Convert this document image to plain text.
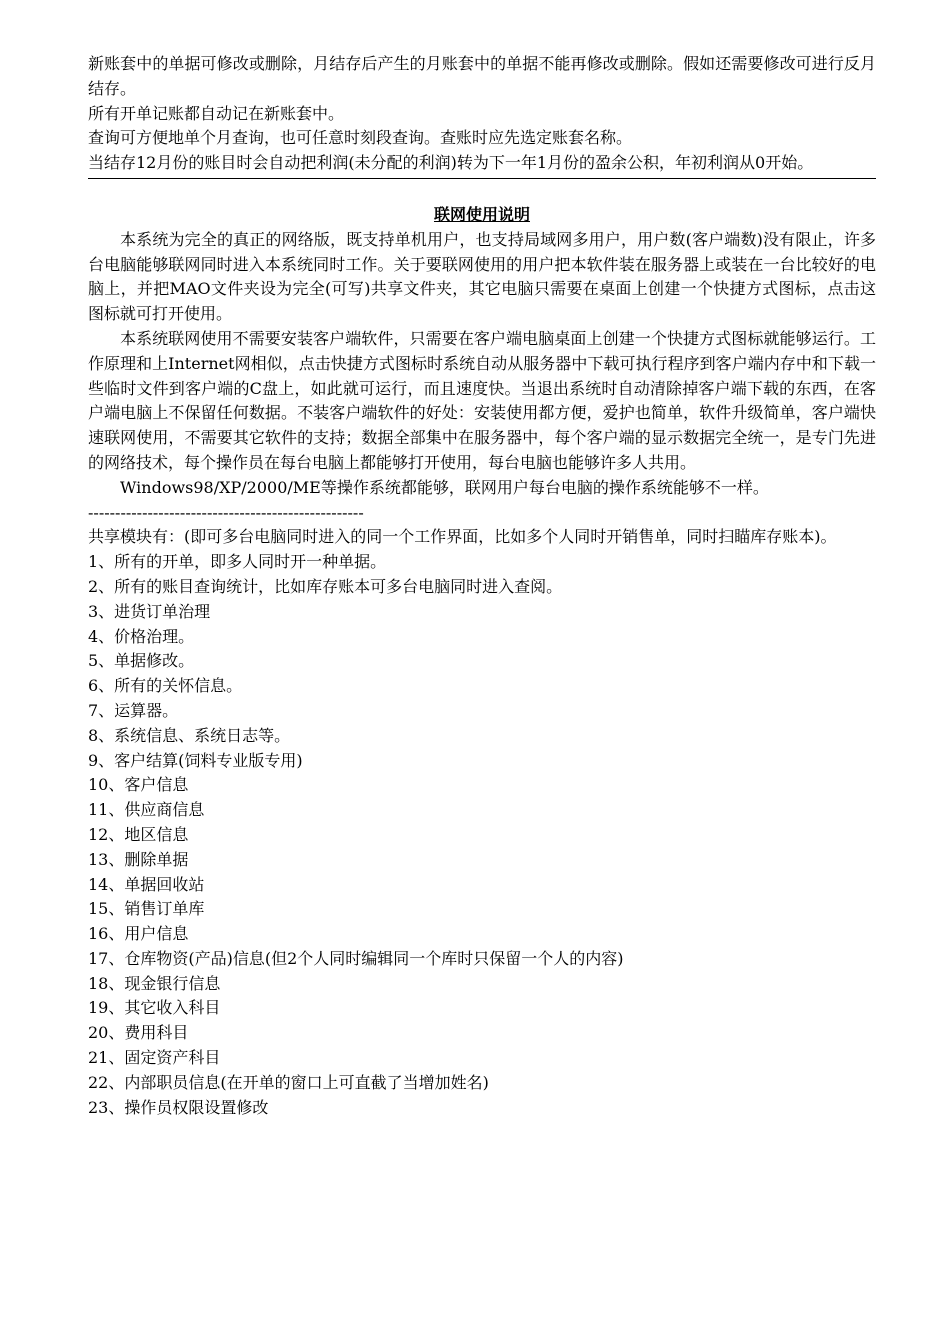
新账套中的单据可修改或删除，月结存后产生的月账套中的单据不能再修改或删除。假如还需要修改可进行反月结存。

所有开单记账都自动记在新账套中。

查询可方便地单个月查询，也可任意时刻段查询。查账时应先选定账套名称。

当结存12月份的账目时会自动把利润(未分配的利润)转为下一年1月份的盈余公积，年初利润从0开始。

联网使用说明

本系统为完全的真正的网络版，既支持单机用户，也支持局域网多用户，用户数(客户端数)没有限止，许多台电脑能够联网同时进入本系统同时工作。关于要联网使用的用户把本软件装在服务器上或装在一台比较好的电脑上，并把MAO文件夹设为完全(可写)共享文件夹，其它电脑只需要在桌面上创建一个快捷方式图标，点击这图标就可打开使用。

本系统联网使用不需要安装客户端软件，只需要在客户端电脑桌面上创建一个快捷方式图标就能够运行。工作原理和上Internet网相似，点击快捷方式图标时系统自动从服务器中下载可执行程序到客户端内存中和下载一些临时文件到客户端的C盘上，如此就可运行，而且速度快。当退出系统时自动清除掉客户端下载的东西，在客户端电脑上不保留任何数据。不装客户端软件的好处：安装使用都方便，爱护也简单，软件升级简单，客户端快速联网使用，不需要其它软件的支持；数据全部集中在服务器中，每个客户端的显示数据完全统一，是专门先进的网络技术，每个操作员在每台电脑上都能够打开使用，每台电脑也能够许多人共用。

Windows98/XP/2000/ME等操作系统都能够，联网用户每台电脑的操作系统能够不一样。

---------------------------------------------------

共享模块有：(即可多台电脑同时进入的同一个工作界面，比如多个人同时开销售单，同时扫瞄库存账本)。

1、所有的开单，即多人同时开一种单据。
2、所有的账目查询统计，比如库存账本可多台电脑同时进入查阅。
3、进货订单治理
4、价格治理。
5、单据修改。
6、所有的关怀信息。
7、运算器。
8、系统信息、系统日志等。
9、客户结算(饲料专业版专用)
10、客户信息
11、供应商信息
12、地区信息
13、删除单据
14、单据回收站
15、销售订单库
16、用户信息
17、仓库物资(产品)信息(但2个人同时编辑同一个库时只保留一个人的内容)
18、现金银行信息
19、其它收入科目
20、费用科目
21、固定资产科目
22、内部职员信息(在开单的窗口上可直截了当增加姓名)
23、操作员权限设置修改
